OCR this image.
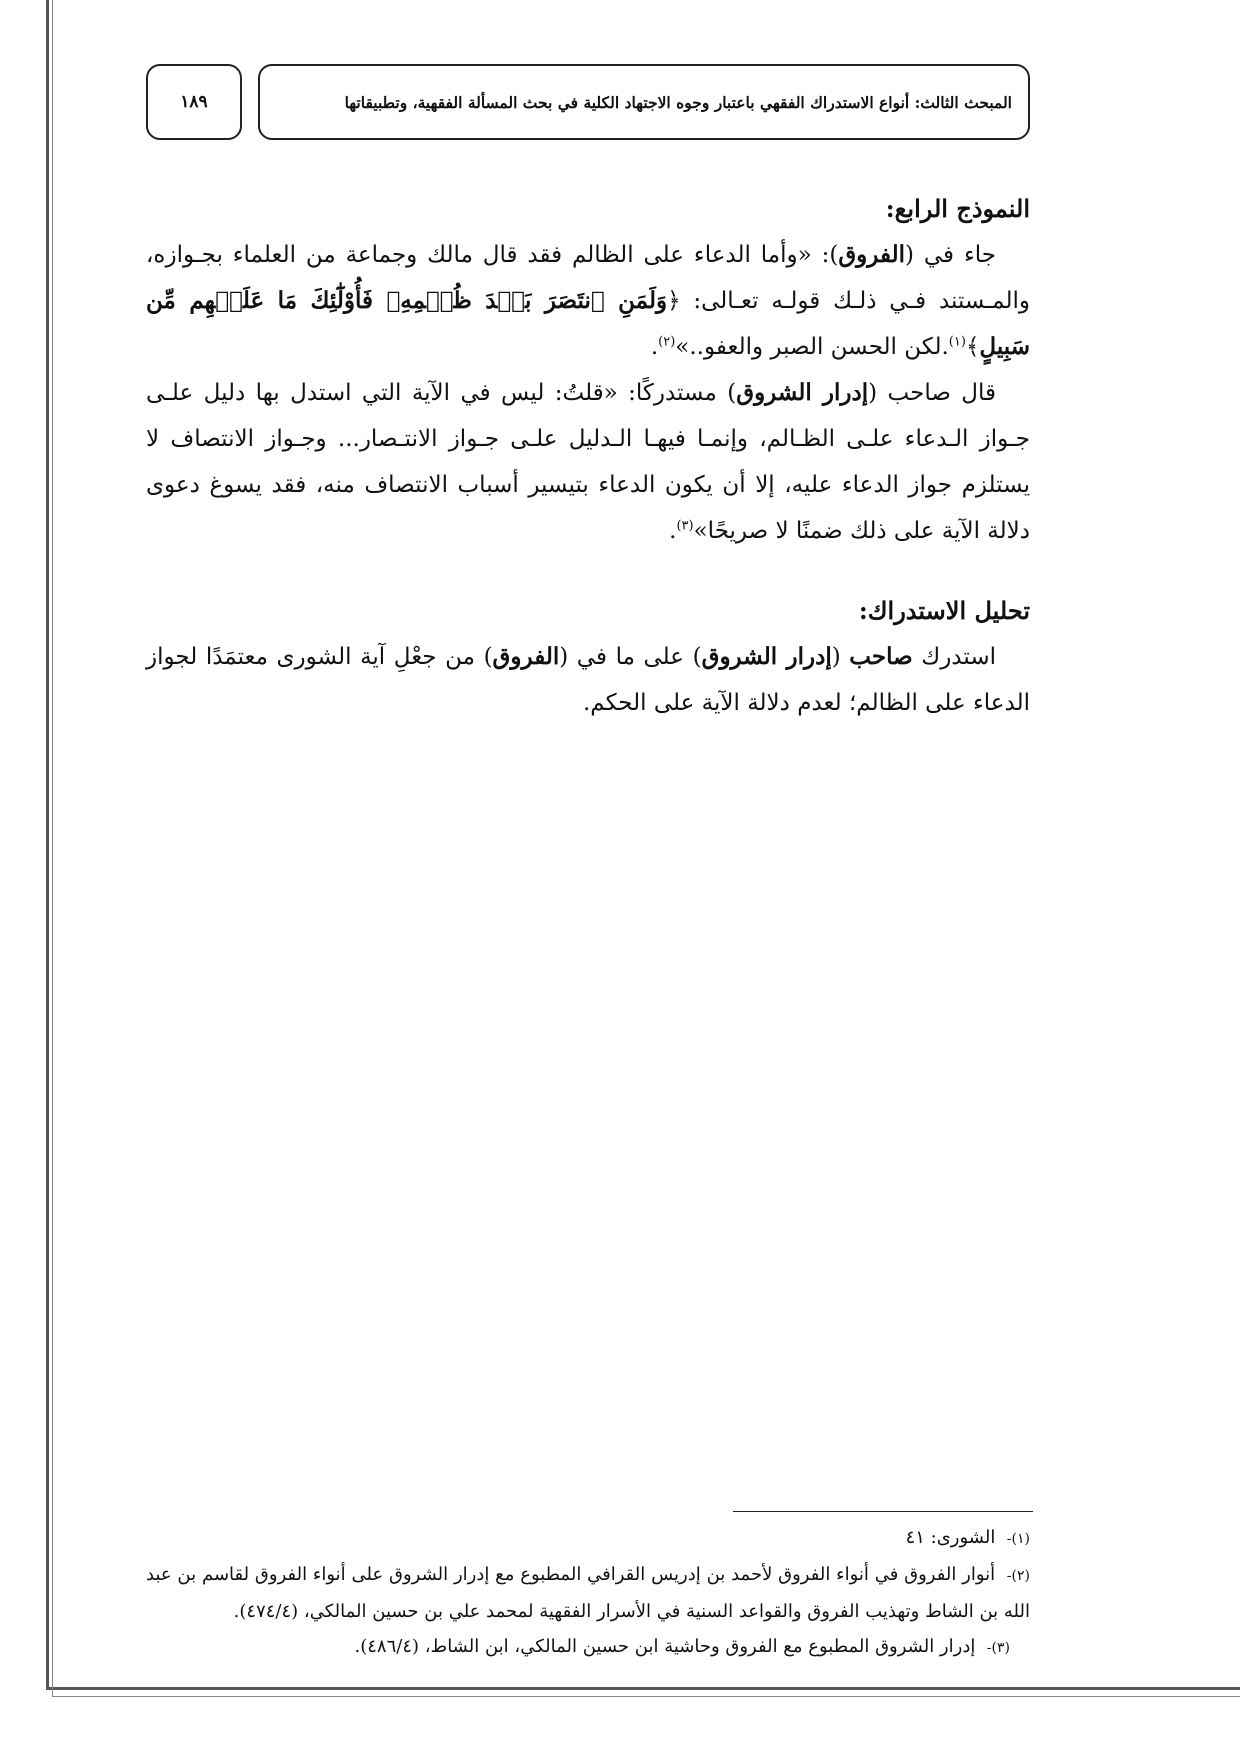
المبحث الثالث: أنواع الاستدراك الفقهي باعتبار وجوه الاجتهاد الكلية في بحث المسألة الفقهية، وتطبيقاتها
١٨٩

النموذج الرابع:

جاء في (الفروق): «وأما الدعاء على الظالم فقد قال مالك وجماعة من العلماء بجـوازه، والمـستند فـي ذلـك قولـه تعـالى: ﴿وَلَمَنِ ٱنتَصَرَ بَعۡدَ ظُلۡمِهِۦ فَأُوْلَٰٓئِكَ مَا عَلَيۡهِم مِّن سَبِيلٍ﴾$^{(١)}$.لكن الحسن الصبر والعفو..»$^{(٢)}$.

قال صاحب (إدرار الشروق) مستدركًا: «قلتُ: ليس في الآية التي استدل بها دليل علـى جـواز الـدعاء علـى الظـالم، وإنمـا فيهـا الـدليل علـى جـواز الانتـصار... وجـواز الانتصاف لا يستلزم جواز الدعاء عليه، إلا أن يكون الدعاء بتيسير أسباب الانتصاف منه، فقد يسوغ دعوى دلالة الآية على ذلك ضمنًا لا صريحًا»$^{(٣)}$.

تحليل الاستدراك:

استدرك صاحب (إدرار الشروق) على ما في (الفروق) من جعْلِ آية الشورى معتمَدًا لجواز الدعاء على الظالم؛ لعدم دلالة الآية على الحكم.

(١)-  الشورى: ٤١

(٢)-  أنوار الفروق في أنواء الفروق لأحمد بن إدريس القرافي المطبوع مع إدرار الشروق على أنواء الفروق لقاسم بن عبد الله بن الشاط وتهذيب الفروق والقواعد السنية في الأسرار الفقهية لمحمد علي بن حسين المالكي، (٤٧٤/٤).

(٣)-  إدرار الشروق المطبوع مع الفروق وحاشية ابن حسين المالكي، ابن الشاط، (٤٨٦/٤).
